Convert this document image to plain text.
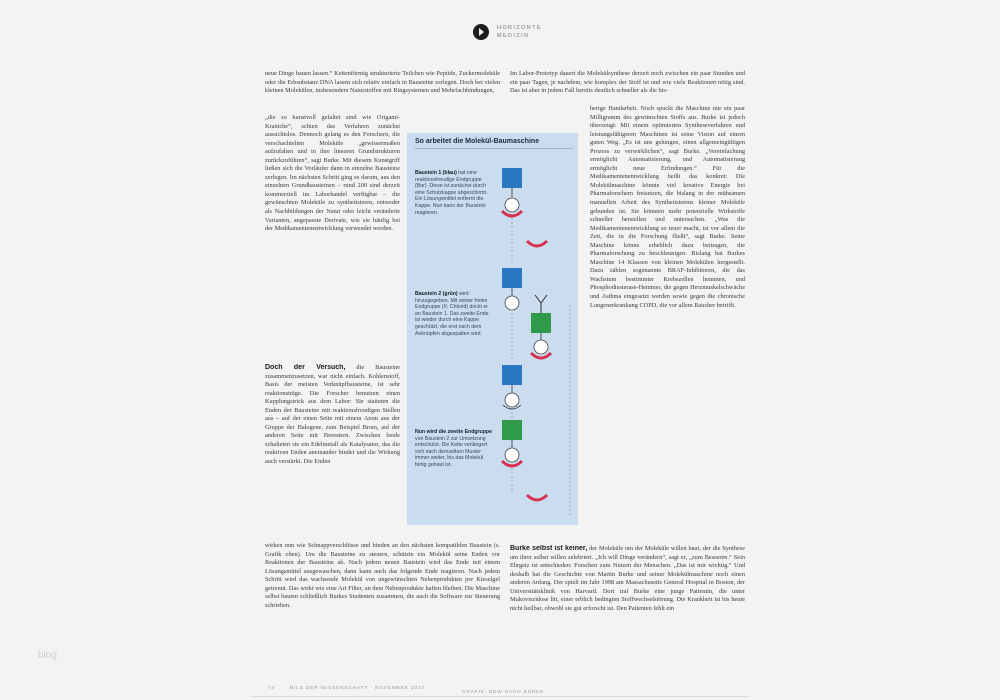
HORIZONTE
MEDIZIN
neue Dinge bauen lassen.“ Kettenförmig strukturierte Teilchen wie Peptide, Zuckermoleküle oder die Erbsubstanz DNA lassen sich relativ einfach in Bausteine zerlegen. Doch bei vielen kleinen Molekülen, insbesondere Naturstoffen mit Ringsystemen und Mehrfachbindungen,
„die so kunstvoll gefaltet sind wie Origami-Kraniche“, schien das Verfahren zunächst aussichtslos. Dennoch gelang es den Forschern, die verschachtelten Moleküle „gewissermaßen aufzufalten und in ihre linearen Grundstrukturen zurückzuführen“, sagt Burke. Mit diesem Kunstgriff ließen sich die Vorläufer dann in einzelne Bausteine zerlegen. Im nächsten Schritt ging es darum, aus den einzelnen Grundbausteinen – rund 200 sind derzeit kommerziell im Laborhandel verfügbar – die gewünschten Moleküle zu synthetisieren, entweder als Nachbildungen der Natur oder leicht veränderte Varianten, angepasste Derivate, wie sie häufig bei der Medikamentenentwicklung verwendet werden.
Doch der Versuch, die Bausteine zusammenzusetzen, war nicht einfach. Kohlenstoff, Basis der meisten Verknüpfbausteine, ist sehr reaktionsträge. Die Forscher benutzen einen Kupplungstrick aus dem Labor: Sie statteten die Enden der Bausteine mit reaktionsfreudigen Stellen aus – auf der einen Seite mit einem Atom aus der Gruppe der Halogene, zum Beispiel Brom, auf der anderen Seite mit Borestern. Zwischen beide schalteten sie ein Edelmetall als Katalysator, das die reaktiven Enden aneinander bindet und die Wirkung auch verstärkt. Die Enden
wirken nun wie Schnappverschlüsse und binden an den nächsten kompatiblen Baustein (s. Grafik oben). Um die Bausteine zu steuern, schützte ein Molekül seine Enden vor Reaktionen der Bausteine ab. Nach jedem neuen Baustein wird das Ende mit einem Lösungsmittel ausgewaschen, dann kann auch das folgende Ende reagieren. Nach jedem Schritt wird das wachsende Molekül von ungewünschten Nebenprodukten per Kieselgel getrennt. Das wirkt wie eine Art Filter, an dem Nebenprodukte haften bleiben. Die Maschine selbst bauten schließlich Burkes Studenten zusammen, die auch die Software zur Steuerung schrieben.
Im Labor-Prototyp dauert die Molekülsynthese derzeit noch zwischen ein paar Stunden und ein paar Tagen, je nachdem, wie komplex der Stoff ist und wie viele Reaktionen nötig sind. Das ist aber in jedem Fall bereits deutlich schneller als die bis-
herige Handarbeit. Noch spuckt die Maschine nur ein paar Milligramm des gewünschten Stoffs aus. Burke ist jedoch überzeugt: Mit einem optimierten Syntheseverfahren und leistungsfähigeren Maschinen ist seine Vision auf einem guten Weg. „Es ist uns gelungen, einen allgemeingültigen Prozess zu verwirklichen“, sagt Burke. „Vereinfachung ermöglicht Automatisierung, und Automatisierung ermöglicht neue Erfindungen.“ Für die Medikamentenentwicklung heißt das konkret: Die Molekülmaschine könnte viel kreative Energie bei Pharmaforschern freisetzen, die bislang in der mühsamen manuellen Arbeit des Synthetisierens kleiner Moleküle gebunden ist. Sie könnten mehr potenzielle Wirkstoffe schneller herstellen und untersuchen. „Was die Medikamentenentwicklung so teuer macht, ist vor allem die Zeit, die in die Forschung fließt“, sagt Burke. Seine Maschine könne erheblich dazu beitragen, die Pharmaforschung zu beschleunigen. Bislang hat Burkes Maschine 14 Klassen von kleinen Molekülen hergestellt. Dazu zählen sogenannte BRAF-Inhibitoren, die das Wachstum bestimmter Krebszellen hemmen, und Phosphodiesterase-Hemmer, die gegen Herzmuskelschwäche und Asthma eingesetzt werden sowie gegen die chronische Lungenerkrankung COPD, die vor allem Raucher betrifft.
Burke selbst ist keiner, der Moleküle um der Moleküle willen baut, der die Synthese um ihrer selbst willen zelebriert. „Ich will Dinge verändern“, sagt er, „zum Besseren.“ Sein Ehrgeiz ist entschieden: Forschen zum Nutzen der Menschen. „Das ist mir wichtig.“ Und deshalb hat die Geschichte von Martin Burke und seiner Molekülmaschine noch einen anderen Anfang. Der spielt im Jahr 1998 am Massachusetts General Hospital in Boston, der Universitätsklinik von Harvard. Dort traf Burke eine junge Patientin, die unter Mukoviszidose litt, einer erblich bedingten Stoffwechselstörung. Die Krankheit ist bis heute nicht heilbar, obwohl sie gut erforscht ist. Den Patienten fehlt ein
So arbeitet die Molekül-Baumaschine
Baustein 1 (blau) hat eine reaktionsfreudige Endgruppe (Bor). Diese ist zunächst durch eine Schutzkappe abgeschirmt. Ein Lösungsmittel entfernt die Kappe. Nun kann der Baustein reagieren.
Baustein 2 (grün) wird hinzugegeben. Mit seiner freien Endgruppe (X: Chlorid) dockt er an Baustein 1. Das zweite Ende ist wieder durch eine Kappe geschützt, die erst nach dem Anknüpfen abgespalten wird.
Nun wird die zweite Endgruppe von Baustein 2 zur Umsetzung entschützt. Die Kette verlängert sich nach demselben Muster immer weiter, bis das Molekül fertig gebaut ist.
74	BILD DER WISSENSCHAFT · NOVEMBER 2017
GRAFIK: BDW NACH BURKE
blog
